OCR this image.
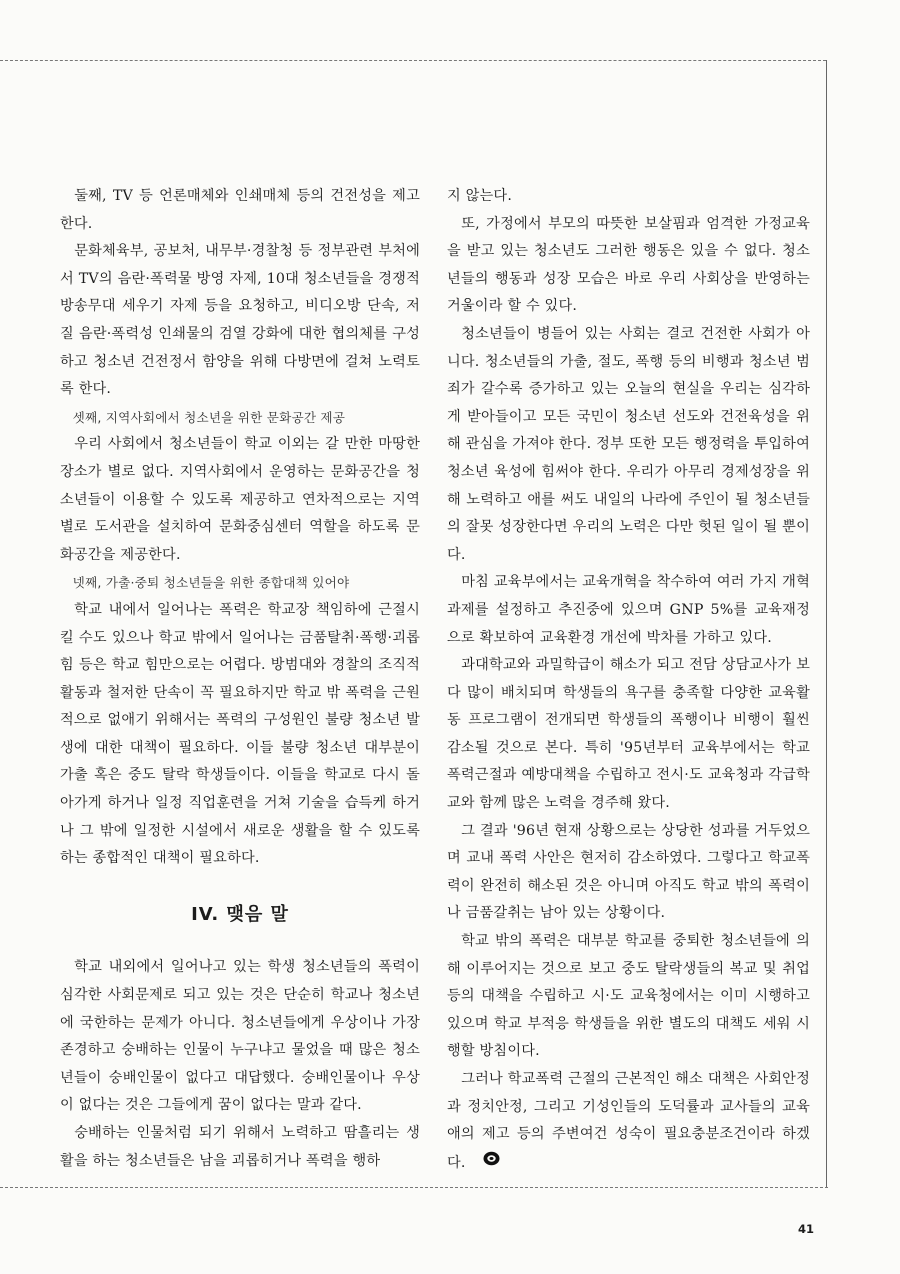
둘째, TV 등 언론매체와 인쇄매체 등의 건전성을 제고한다.

문화체육부, 공보처, 내무부·경찰청 등 정부관련 부처에서 TV의 음란·폭력물 방영 자제, 10대 청소년들을 경쟁적 방송무대 세우기 자제 등을 요청하고, 비디오방 단속, 저질 음란·폭력성 인쇄물의 검열 강화에 대한 협의체를 구성하고 청소년 건전정서 함양을 위해 다방면에 걸쳐 노력토록 한다.

셋째, 지역사회에서 청소년을 위한 문화공간 제공

우리 사회에서 청소년들이 학교 이외는 갈 만한 마땅한 장소가 별로 없다. 지역사회에서 운영하는 문화공간을 청소년들이 이용할 수 있도록 제공하고 연차적으로는 지역별로 도서관을 설치하여 문화중심센터 역할을 하도록 문화공간을 제공한다.

넷째, 가출·중퇴 청소년들을 위한 종합대책 있어야

학교 내에서 일어나는 폭력은 학교장 책임하에 근절시킬 수도 있으나 학교 밖에서 일어나는 금품탈취·폭행·괴롭힘 등은 학교 힘만으로는 어렵다. 방범대와 경찰의 조직적 활동과 철저한 단속이 꼭 필요하지만 학교 밖 폭력을 근원적으로 없애기 위해서는 폭력의 구성원인 불량 청소년 발생에 대한 대책이 필요하다. 이들 불량 청소년 대부분이 가출 혹은 중도 탈락 학생들이다. 이들을 학교로 다시 돌아가게 하거나 일정 직업훈련을 거쳐 기술을 습득케 하거나 그 밖에 일정한 시설에서 새로운 생활을 할 수 있도록 하는 종합적인 대책이 필요하다.

IV. 맺음 말

학교 내외에서 일어나고 있는 학생 청소년들의 폭력이 심각한 사회문제로 되고 있는 것은 단순히 학교나 청소년에 국한하는 문제가 아니다. 청소년들에게 우상이나 가장 존경하고 숭배하는 인물이 누구냐고 물었을 때 많은 청소년들이 숭배인물이 없다고 대답했다. 숭배인물이나 우상이 없다는 것은 그들에게 꿈이 없다는 말과 같다.

숭배하는 인물처럼 되기 위해서 노력하고 땀흘리는 생활을 하는 청소년들은 남을 괴롭히거나 폭력을 행하

지 않는다.

또, 가정에서 부모의 따뜻한 보살핌과 엄격한 가정교육을 받고 있는 청소년도 그러한 행동은 있을 수 없다. 청소년들의 행동과 성장 모습은 바로 우리 사회상을 반영하는 거울이라 할 수 있다.

청소년들이 병들어 있는 사회는 결코 건전한 사회가 아니다. 청소년들의 가출, 절도, 폭행 등의 비행과 청소년 범죄가 갈수록 증가하고 있는 오늘의 현실을 우리는 심각하게 받아들이고 모든 국민이 청소년 선도와 건전육성을 위해 관심을 가져야 한다. 정부 또한 모든 행정력을 투입하여 청소년 육성에 힘써야 한다. 우리가 아무리 경제성장을 위해 노력하고 애를 써도 내일의 나라에 주인이 될 청소년들의 잘못 성장한다면 우리의 노력은 다만 헛된 일이 될 뿐이다.

마침 교육부에서는 교육개혁을 착수하여 여러 가지 개혁과제를 설정하고 추진중에 있으며 GNP 5%를 교육재정으로 확보하여 교육환경 개선에 박차를 가하고 있다.

과대학교와 과밀학급이 해소가 되고 전담 상담교사가 보다 많이 배치되며 학생들의 욕구를 충족할 다양한 교육활동 프로그램이 전개되면 학생들의 폭행이나 비행이 훨씬 감소될 것으로 본다. 특히 '95년부터 교육부에서는 학교 폭력근절과 예방대책을 수립하고 전시·도 교육청과 각급학교와 함께 많은 노력을 경주해 왔다.

그 결과 '96년 현재 상황으로는 상당한 성과를 거두었으며 교내 폭력 사안은 현저히 감소하였다. 그렇다고 학교폭력이 완전히 해소된 것은 아니며 아직도 학교 밖의 폭력이나 금품갈취는 남아 있는 상황이다.

학교 밖의 폭력은 대부분 학교를 중퇴한 청소년들에 의해 이루어지는 것으로 보고 중도 탈락생들의 복교 및 취업 등의 대책을 수립하고 시·도 교육청에서는 이미 시행하고 있으며 학교 부적응 학생들을 위한 별도의 대책도 세워 시행할 방침이다.

그러나 학교폭력 근절의 근본적인 해소 대책은 사회안정과 정치안정, 그리고 기성인들의 도덕률과 교사들의 교육애의 제고 등의 주변여건 성숙이 필요충분조건이라 하겠다.

41
